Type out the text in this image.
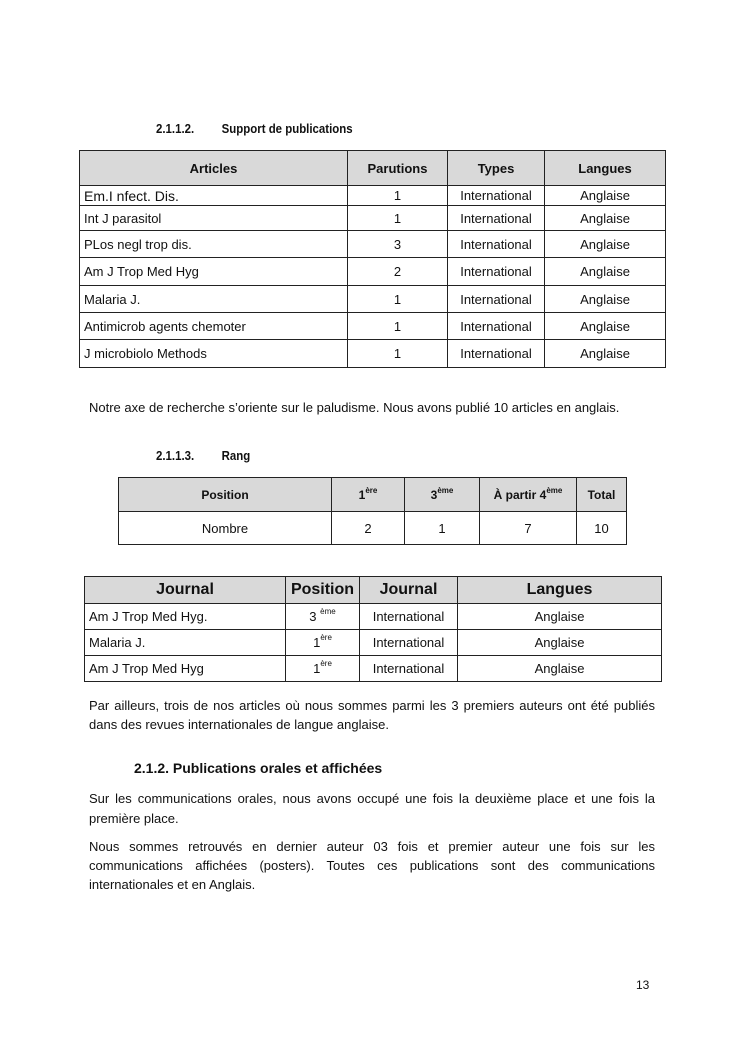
2.1.1.2. Support de publications
Articles	Parutions	Types	Langues
Em.I nfect. Dis.	1	International	Anglaise
Int J parasitol	1	International	Anglaise
PLos negl trop dis.	3	International	Anglaise
Am J Trop Med Hyg	2	International	Anglaise
Malaria J.	1	International	Anglaise
Antimicrob agents chemoter	1	International	Anglaise
J microbiolo Methods	1	International	Anglaise
Notre axe de recherche s’oriente sur le paludisme. Nous avons publié 10 articles en anglais.
2.1.1.3. Rang
Position	1ère	3ème	À partir 4ème	Total
Nombre	2	1	7	10
Journal	Position	Journal	Langues
Am J Trop Med Hyg.	3 $^{ème}$	International	Anglaise
Malaria J.	1ère	International	Anglaise
Am J Trop Med Hyg	1ère	International	Anglaise
Par ailleurs, trois de nos articles où nous sommes parmi les 3 premiers auteurs ont été publiés dans des revues internationales de langue anglaise.
2.1.2. Publications orales et affichées
Sur les communications orales, nous avons occupé une fois la deuxième place et une fois la première place.
Nous sommes retrouvés en dernier auteur 03 fois et premier auteur une fois sur les communications affichées (posters). Toutes ces publications sont des communications internationales et en Anglais.
13
